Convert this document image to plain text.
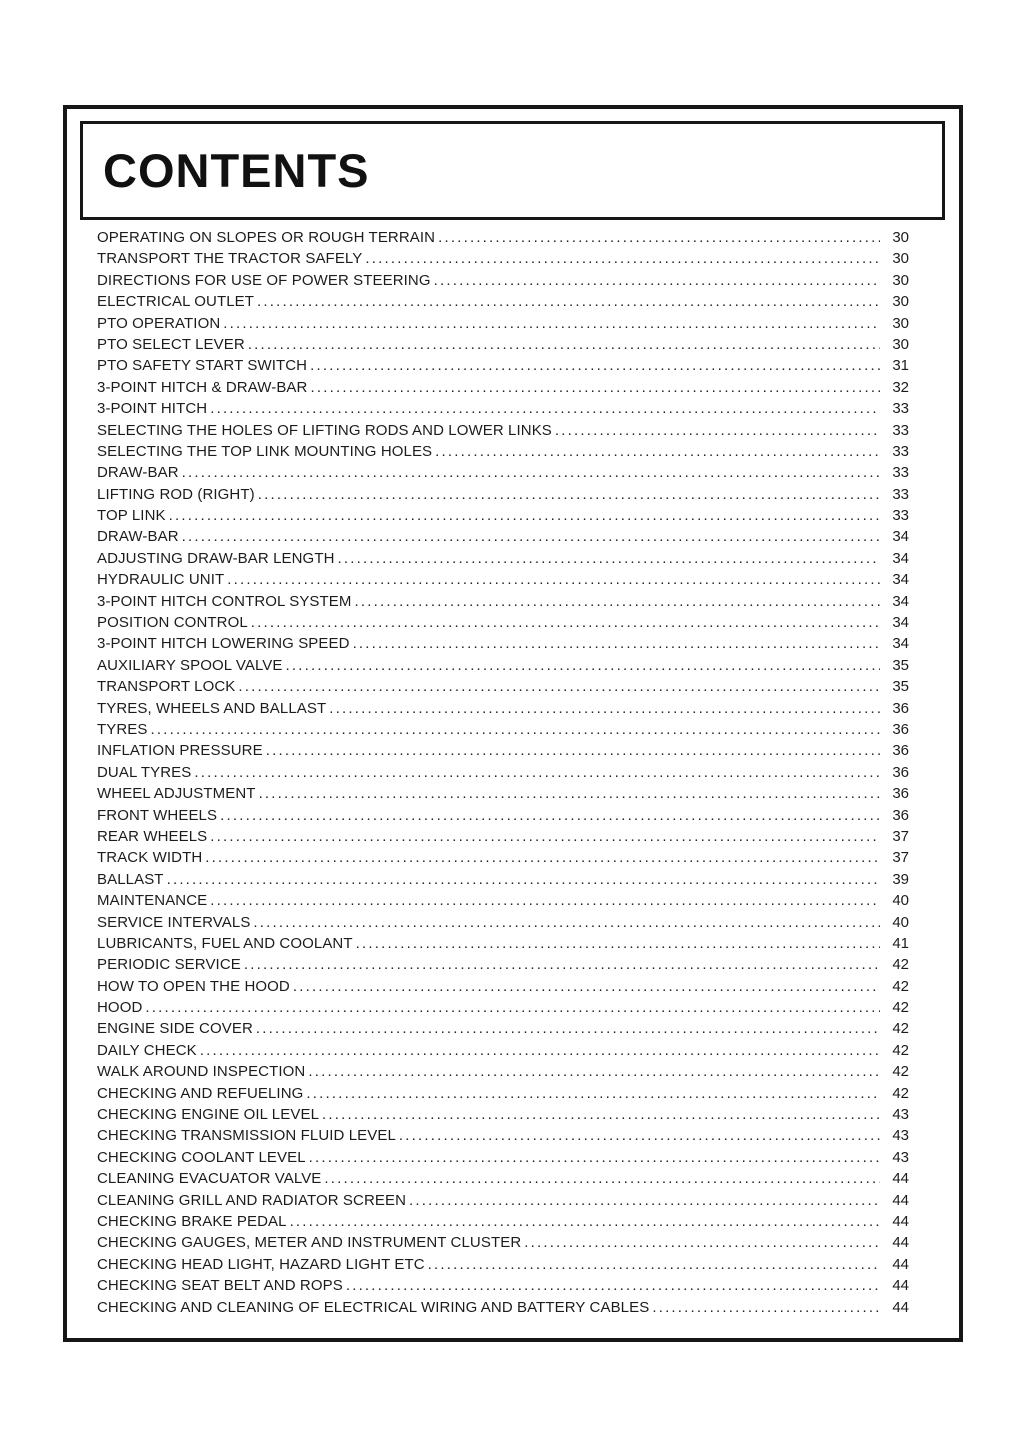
CONTENTS
OPERATING ON SLOPES OR ROUGH TERRAIN .....	30
TRANSPORT THE TRACTOR SAFELY .....	30
DIRECTIONS FOR USE OF POWER STEERING .....	30
ELECTRICAL OUTLET .....	30
PTO OPERATION .....	30
PTO SELECT LEVER .....	30
PTO SAFETY START SWITCH .....	31
3-POINT HITCH & DRAW-BAR .....	32
3-POINT HITCH .....	33
SELECTING THE HOLES OF LIFTING RODS AND LOWER LINKS .....	33
SELECTING THE TOP LINK MOUNTING HOLES .....	33
DRAW-BAR .....	33
LIFTING ROD (RIGHT) .....	33
TOP LINK .....	33
DRAW-BAR .....	34
ADJUSTING DRAW-BAR LENGTH .....	34
HYDRAULIC UNIT .....	34
3-POINT HITCH CONTROL SYSTEM .....	34
POSITION CONTROL .....	34
3-POINT HITCH LOWERING SPEED .....	34
AUXILIARY SPOOL VALVE .....	35
TRANSPORT LOCK .....	35
TYRES, WHEELS AND BALLAST .....	36
TYRES .....	36
INFLATION PRESSURE .....	36
DUAL TYRES .....	36
WHEEL ADJUSTMENT .....	36
FRONT WHEELS .....	36
REAR WHEELS .....	37
TRACK WIDTH .....	37
BALLAST .....	39
MAINTENANCE .....	40
SERVICE INTERVALS .....	40
LUBRICANTS, FUEL AND COOLANT .....	41
PERIODIC SERVICE .....	42
HOW TO OPEN THE HOOD .....	42
HOOD .....	42
ENGINE SIDE COVER .....	42
DAILY CHECK .....	42
WALK AROUND INSPECTION .....	42
CHECKING AND REFUELING .....	42
CHECKING ENGINE OIL LEVEL .....	43
CHECKING TRANSMISSION FLUID LEVEL .....	43
CHECKING COOLANT LEVEL .....	43
CLEANING EVACUATOR VALVE .....	44
CLEANING GRILL AND RADIATOR SCREEN .....	44
CHECKING BRAKE PEDAL .....	44
CHECKING GAUGES, METER AND INSTRUMENT CLUSTER .....	44
CHECKING HEAD LIGHT, HAZARD LIGHT ETC .....	44
CHECKING SEAT BELT AND ROPS .....	44
CHECKING AND CLEANING OF ELECTRICAL WIRING AND BATTERY CABLES .....	44
